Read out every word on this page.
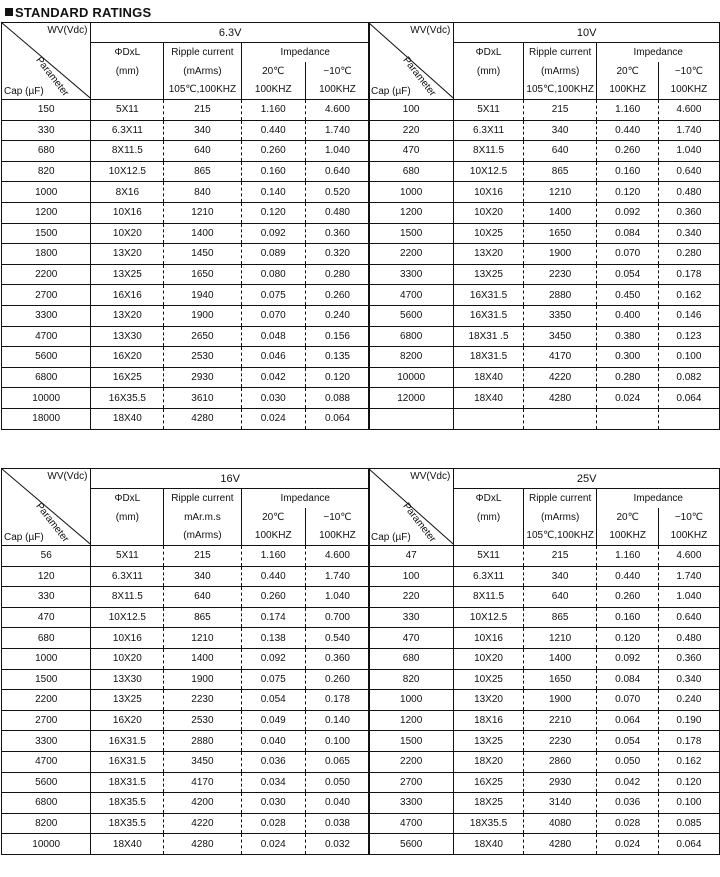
STANDARD RATINGS
WV(Vdc)
Parameter
Cap (µF)	6.3V			
	ΦDxL	Ripple current	Impedance	
	(mm)	(mArms)	20℃	−10℃
		105℃,100KHZ	100KHZ	100KHZ
150	5X11	215	1.160	4.600
330	6.3X11	340	0.440	1.740
680	8X11.5	640	0.260	1.040
820	10X12.5	865	0.160	0.640
1000	8X16	840	0.140	0.520
1200	10X16	1210	0.120	0.480
1500	10X20	1400	0.092	0.360
1800	13X20	1450	0.089	0.320
2200	13X25	1650	0.080	0.280
2700	16X16	1940	0.075	0.260
3300	13X20	1900	0.070	0.240
4700	13X30	2650	0.048	0.156
5600	16X20	2530	0.046	0.135
6800	16X25	2930	0.042	0.120
10000	16X35.5	3610	0.030	0.088
18000	18X40	4280	0.024	0.064
WV(Vdc)
Parameter
Cap (µF)	10V			
	ΦDxL	Ripple current	Impedance	
	(mm)	(mArms)	20℃	−10℃
		105℃,100KHZ	100KHZ	100KHZ
100	5X11	215	1.160	4.600
220	6.3X11	340	0.440	1.740
470	8X11.5	640	0.260	1.040
680	10X12.5	865	0.160	0.640
1000	10X16	1210	0.120	0.480
1200	10X20	1400	0.092	0.360
1500	10X25	1650	0.084	0.340
2200	13X20	1900	0.070	0.280
3300	13X25	2230	0.054	0.178
4700	16X31.5	2880	0.450	0.162
5600	16X31.5	3350	0.400	0.146
6800	18X31 .5	3450	0.380	0.123
8200	18X31.5	4170	0.300	0.100
10000	18X40	4220	0.280	0.082
12000	18X40	4280	0.024	0.064

WV(Vdc)
Parameter
Cap (µF)	16V			
	ΦDxL	Ripple current	Impedance	
	(mm)	mAr.m.s	20℃	−10℃
		(mArms)	100KHZ	100KHZ
56	5X11	215	1.160	4.600
120	6.3X11	340	0.440	1.740
330	8X11.5	640	0.260	1.040
470	10X12.5	865	0.174	0.700
680	10X16	1210	0.138	0.540
1000	10X20	1400	0.092	0.360
1500	13X30	1900	0.075	0.260
2200	13X25	2230	0.054	0.178
2700	16X20	2530	0.049	0.140
3300	16X31.5	2880	0.040	0.100
4700	16X31.5	3450	0.036	0.065
5600	18X31.5	4170	0.034	0.050
6800	18X35.5	4200	0.030	0.040
8200	18X35.5	4220	0.028	0.038
10000	18X40	4280	0.024	0.032
WV(Vdc)
Parameter
Cap (µF)	25V			
	ΦDxL	Ripple current	Impedance	
	(mm)	(mArms)	20℃	−10℃
		105℃,100KHZ	100KHZ	100KHZ
47	5X11	215	1.160	4.600
100	6.3X11	340	0.440	1.740
220	8X11.5	640	0.260	1.040
330	10X12.5	865	0.160	0.640
470	10X16	1210	0.120	0.480
680	10X20	1400	0.092	0.360
820	10X25	1650	0.084	0.340
1000	13X20	1900	0.070	0.240
1200	18X16	2210	0.064	0.190
1500	13X25	2230	0.054	0.178
2200	18X20	2860	0.050	0.162
2700	16X25	2930	0.042	0.120
3300	18X25	3140	0.036	0.100
4700	18X35.5	4080	0.028	0.085
5600	18X40	4280	0.024	0.064
